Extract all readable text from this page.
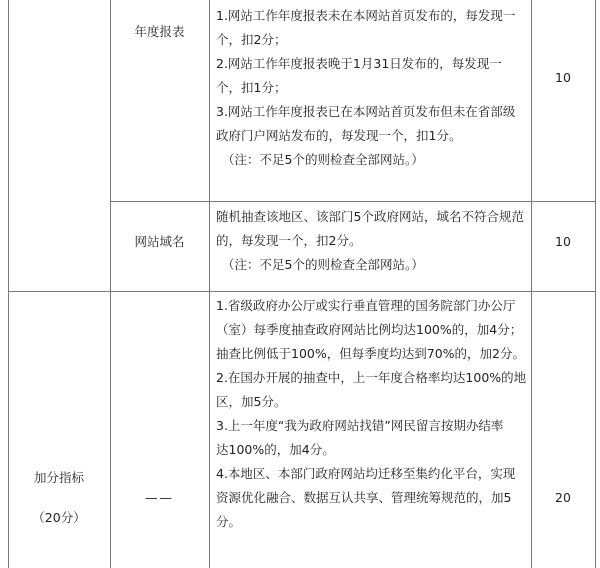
年度报表
1.网站工作年度报表未在本网站首页发布的，每发现一
个，扣2分；
2.网站工作年度报表晚于1月31日发布的，每发现一
个，扣1分；
3.网站工作年度报表已在本网站首页发布但未在省部级
政府门户网站发布的，每发现一个，扣1分。
（注：不足5个的则检查全部网站。）
10
网站域名
随机抽查该地区、该部门5个政府网站，域名不符合规范
的，每发现一个，扣2分。
（注：不足5个的则检查全部网站。）
10
加分指标
（20分）
——
1.省级政府办公厅或实行垂直管理的国务院部门办公厅
（室）每季度抽查政府网站比例均达100%的，加4分；
抽查比例低于100%，但每季度均达到70%的，加2分。
2.在国办开展的抽查中，上一年度合格率均达100%的地
区，加5分。
3.上一年度“我为政府网站找错”网民留言按期办结率
达100%的，加4分。
4.本地区、本部门政府网站均迁移至集约化平台，实现
资源优化融合、数据互认共享、管理统筹规范的，加5
分。
20
